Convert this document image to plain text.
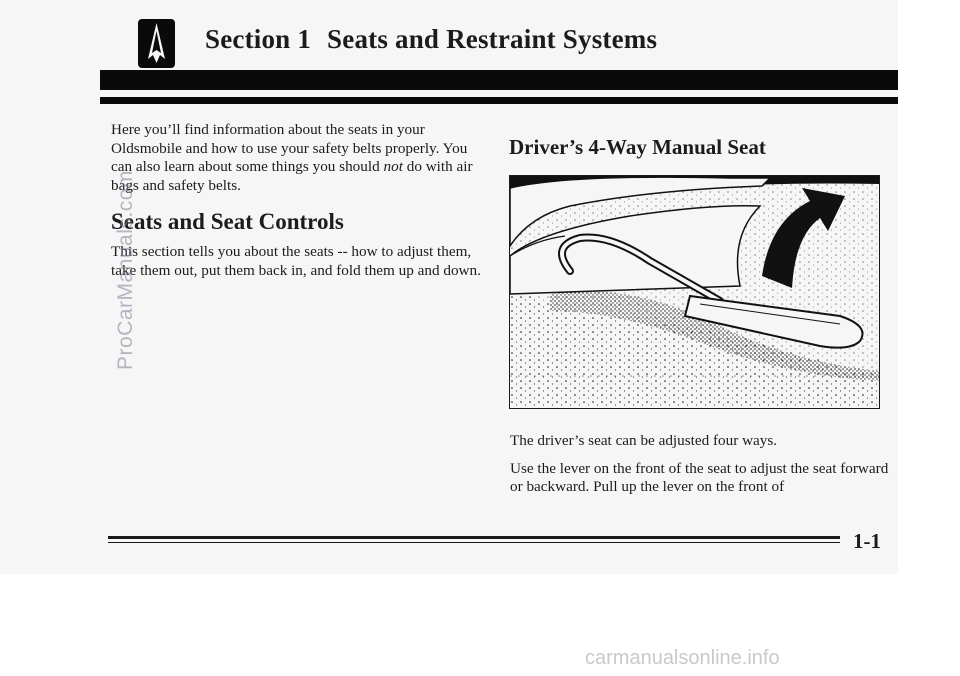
Section 1 Seats and Restraint Systems

Here you’ll find information about the seats in your Oldsmobile and how to use your safety belts properly. You can also learn about some things you should not do with air bags and safety belts.

Seats and Seat Controls

This section tells you about the seats -- how to adjust them, take them out, put them back in, and fold them up and down.

Driver’s 4-Way Manual Seat

The driver’s seat can be adjusted four ways.

Use the lever on the front of the seat to adjust the seat forward or backward. Pull up the lever on the front of

1-1
ProCarManuals.com
carmanualsonline.info
